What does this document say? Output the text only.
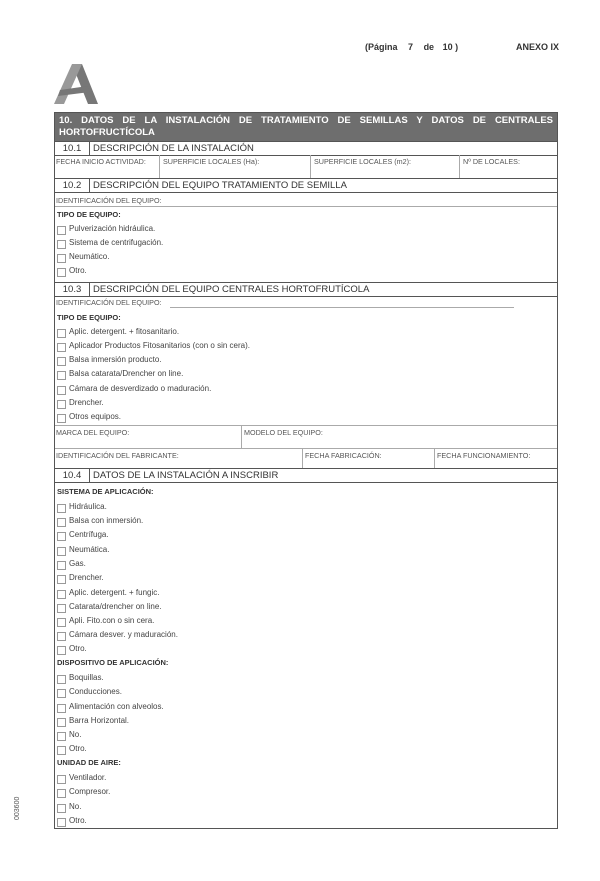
(Página 7 de 10 )	ANEXO IX
10. DATOS DE LA INSTALACIÓN DE TRATAMIENTO DE SEMILLAS Y DATOS DE CENTRALES
HORTOFRUCTÍCOLA
10.1	DESCRIPCIÓN DE LA INSTALACIÓN
FECHA INICIO ACTIVIDAD: SUPERFICIE LOCALES (Ha):	SUPERFICIE LOCALES (m2):	Nº DE LOCALES:
10.2	DESCRIPCIÓN DEL EQUIPO TRATAMIENTO DE SEMILLA
IDENTIFICACIÓN DEL EQUIPO:
TIPO DE EQUIPO:
Pulverización hidráulica.
Sistema de centrifugación.
Neumático.
Otro.
10.3	DESCRIPCIÓN DEL EQUIPO CENTRALES HORTOFRUTÍCOLA
IDENTIFICACIÓN DEL EQUIPO:
TIPO DE EQUIPO:
Aplic. detergent. + fitosanitario.
Aplicador Productos Fitosanitarios (con o sin cera).
Balsa inmersión producto.
Balsa catarata/Drencher on line.
Cámara de desverdizado o maduración.
Drencher.
Otros equipos.
MARCA DEL EQUIPO:	MODELO DEL EQUIPO:
IDENTIFICACIÓN DEL FABRICANTE:	FECHA FABRICACIÓN:	FECHA FUNCIONAMIENTO:
10.4	DATOS DE LA INSTALACIÓN A INSCRIBIR
SISTEMA DE APLICACIÓN:
Hidráulica.
Balsa con inmersión.
Centrífuga.
Neumática.
Gas.
Drencher.
Aplic. detergent. + fungic.
Catarata/drencher on line.
Apli. Fito.con o sin cera.
Cámara desver. y maduración.
Otro.
DISPOSITIVO DE APLICACIÓN:
Boquillas.
Conducciones.
Alimentación con alveolos.
Barra Horizontal.
No.
Otro.
UNIDAD DE AIRE:
Ventilador.
Compresor.
No.
Otro.
003600
